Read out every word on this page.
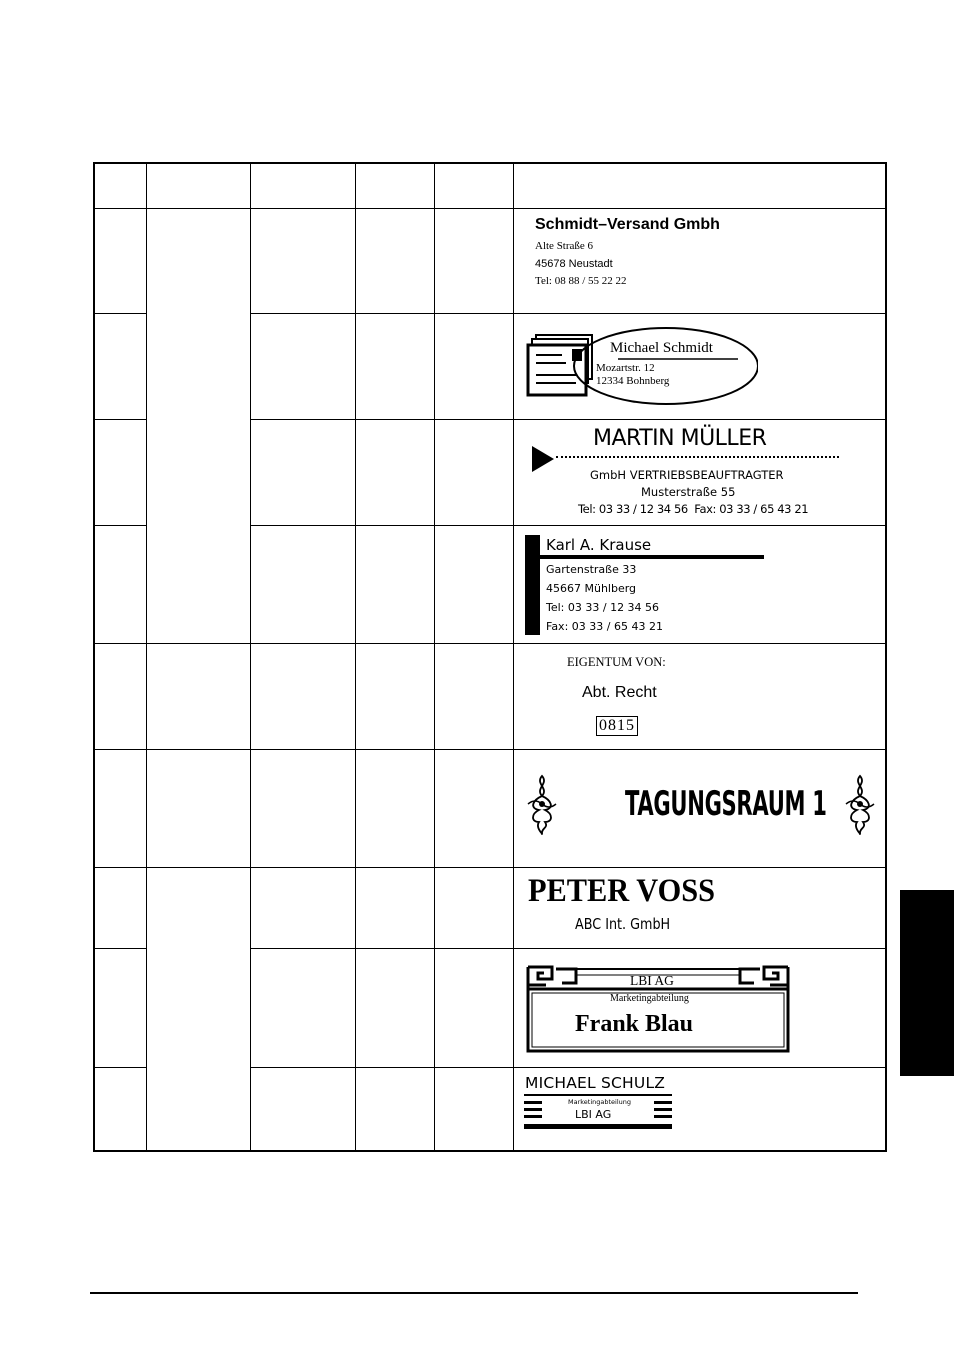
Schmidt–Versand Gmbh
Alte Straße 6
45678 Neustadt
Tel: 08 88 / 55 22 22
Michael Schmidt
Mozartstr. 12
12334 Bohnberg
MARTIN MÜLLER
GmbH VERTRIEBSBEAUFTRAGTER
Musterstraße 55
Tel: 03 33 / 12 34 56  Fax: 03 33 / 65 43 21
Karl A. Krause
Gartenstraße 33
45667 Mühlberg
Tel: 03 33 / 12 34 56
Fax: 03 33 / 65 43 21
EIGENTUM VON:
Abt. Recht
0815
TAGUNGSRAUM 1
PETER VOSS
ABC Int. GmbH
LBI AG
Marketingabteilung
Frank Blau
MICHAEL SCHULZ
Marketingabteilung
LBI AG
